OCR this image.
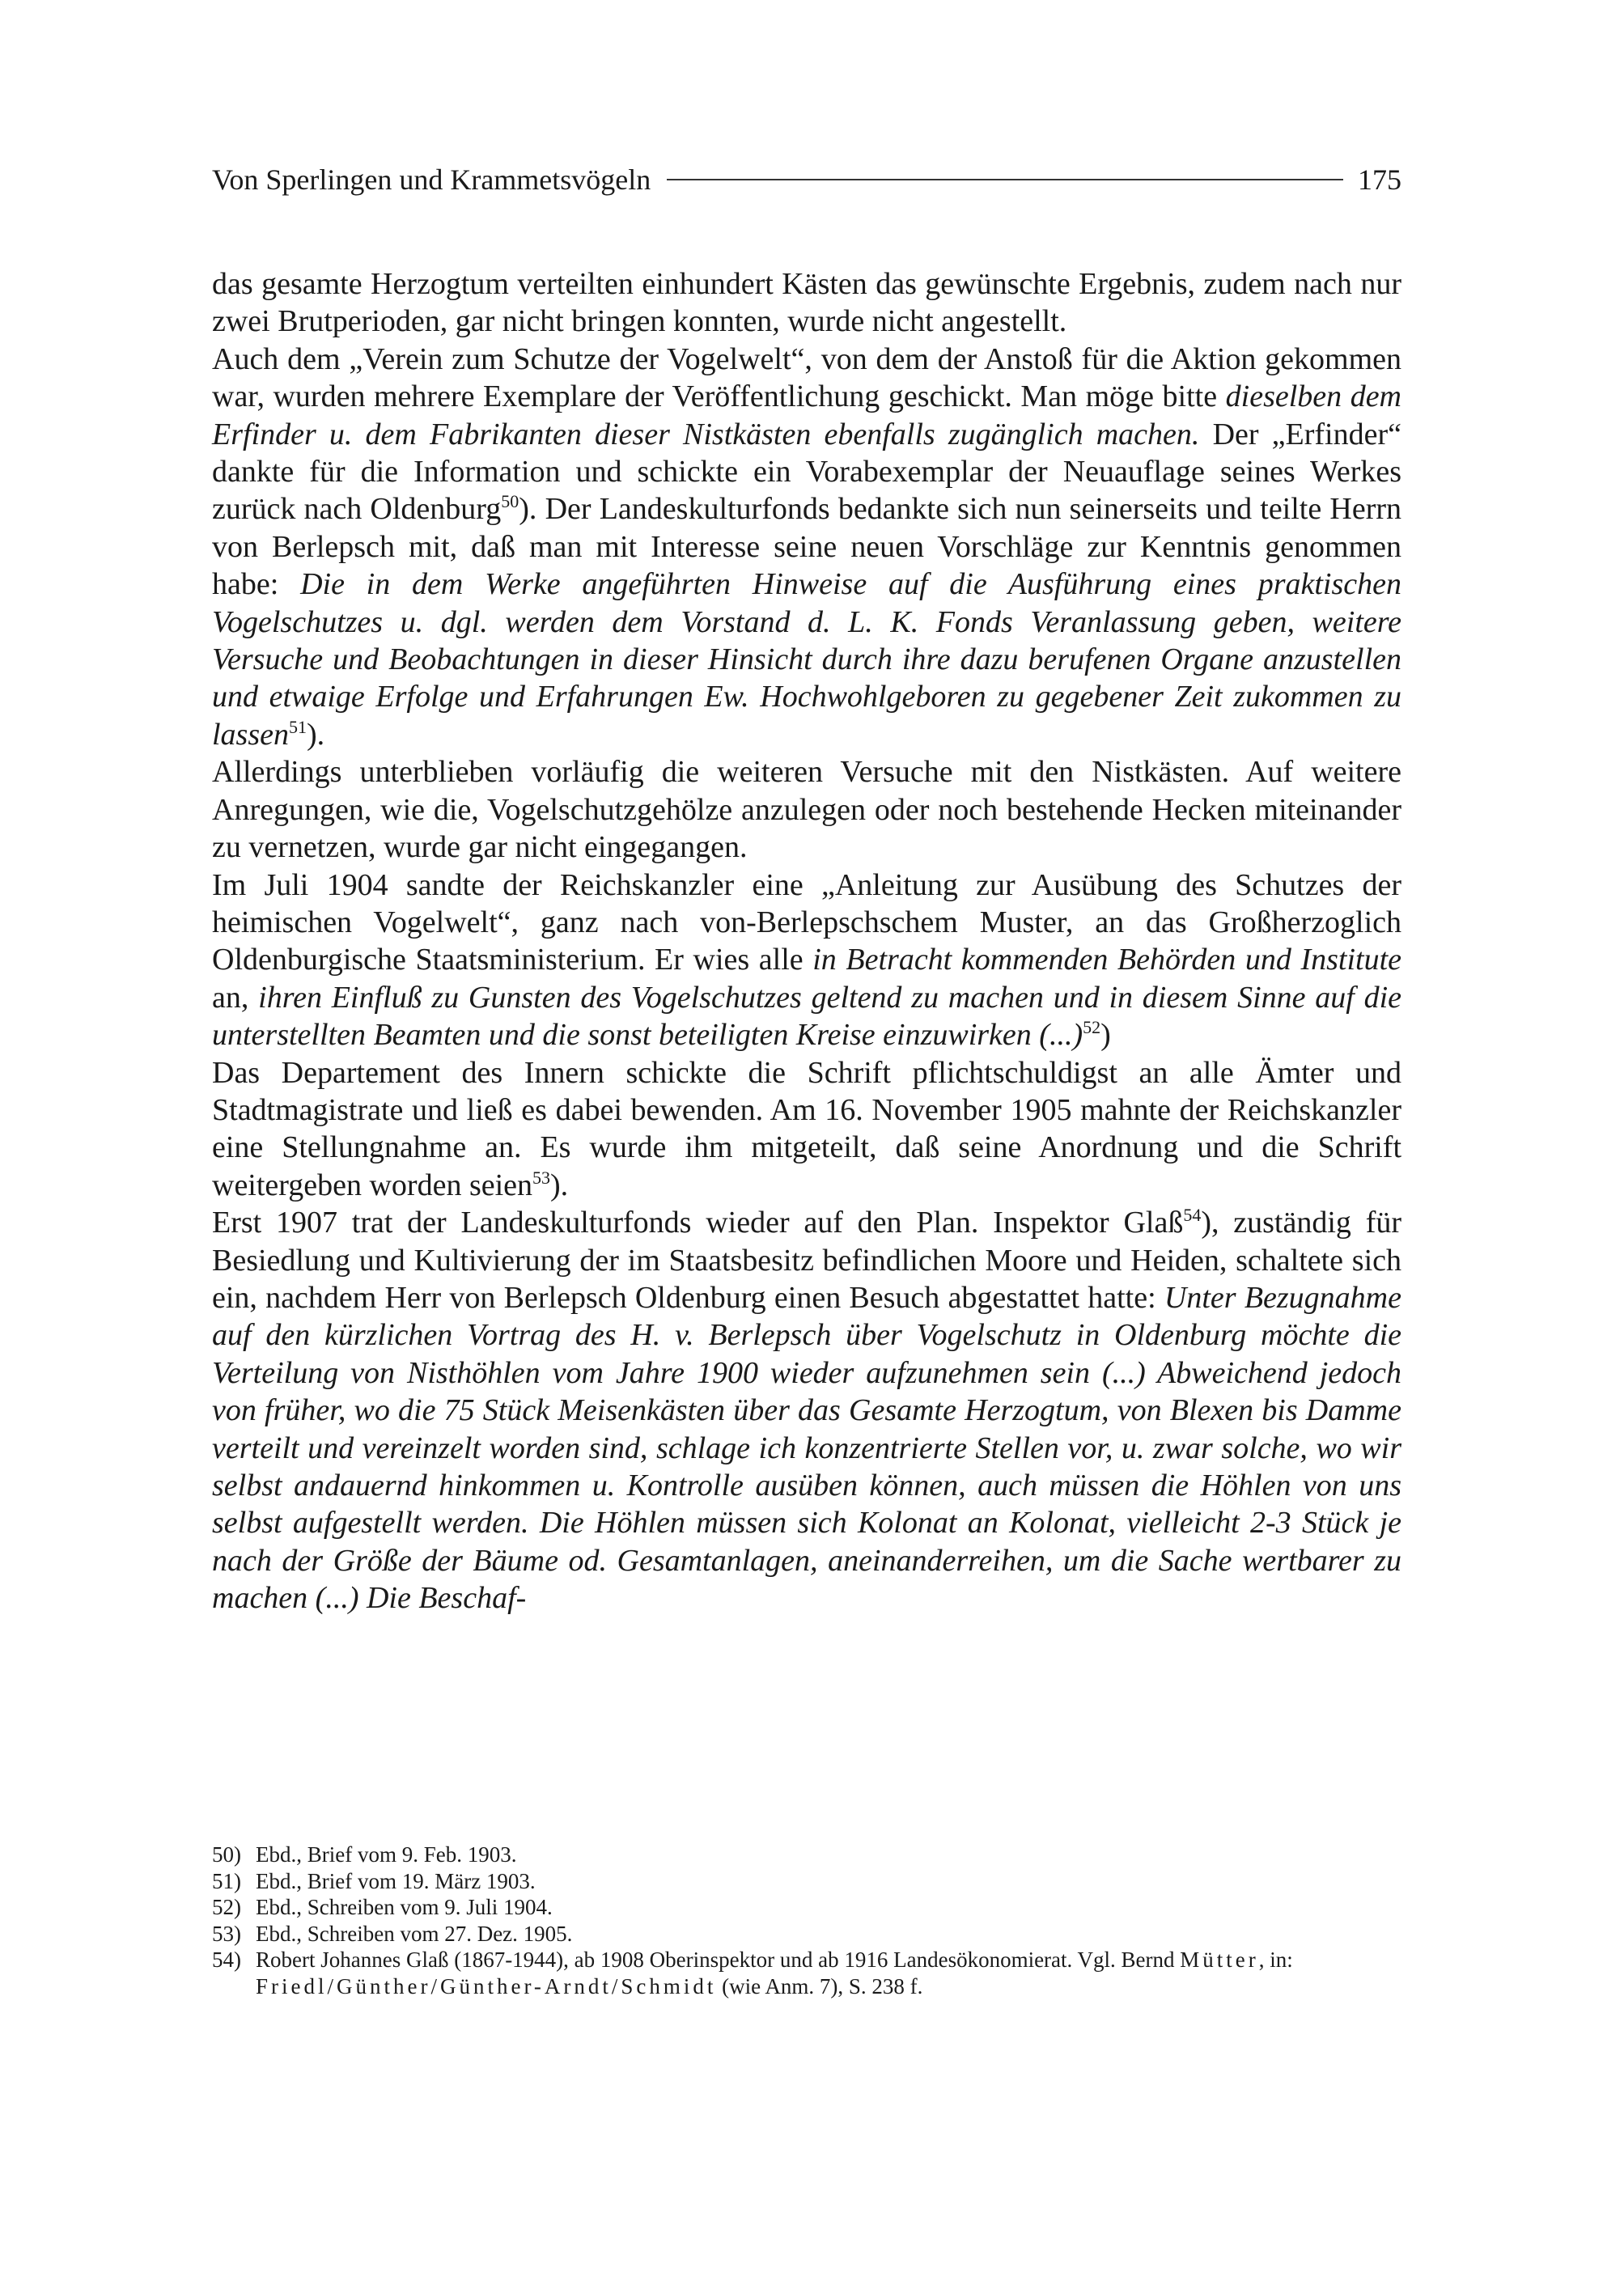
Von Sperlingen und Krammetsvögeln	175

das gesamte Herzogtum verteilten einhundert Kästen das gewünschte Ergebnis, zudem nach nur zwei Brutperioden, gar nicht bringen konnten, wurde nicht angestellt.

Auch dem „Verein zum Schutze der Vogelwelt“, von dem der Anstoß für die Aktion gekommen war, wurden mehrere Exemplare der Veröffentlichung geschickt. Man möge bitte dieselben dem Erfinder u. dem Fabrikanten dieser Nistkästen ebenfalls zugänglich machen. Der „Erfinder“ dankte für die Information und schickte ein Vorabexemplar der Neuauflage seines Werkes zurück nach Oldenburg$^{50}$). Der Landeskulturfonds bedankte sich nun seinerseits und teilte Herrn von Berlepsch mit, daß man mit Interesse seine neuen Vorschläge zur Kenntnis genommen habe: Die in dem Werke angeführten Hinweise auf die Ausführung eines praktischen Vogelschutzes u. dgl. werden dem Vorstand d. L. K. Fonds Veranlassung geben, weitere Versuche und Beobachtungen in dieser Hinsicht durch ihre dazu berufenen Organe anzustellen und etwaige Erfolge und Erfahrungen Ew. Hochwohlgeboren zu gegebener Zeit zukommen zu lassen$^{51}$).

Allerdings unterblieben vorläufig die weiteren Versuche mit den Nistkästen. Auf weitere Anregungen, wie die, Vogelschutzgehölze anzulegen oder noch bestehende Hecken miteinander zu vernetzen, wurde gar nicht eingegangen.

Im Juli 1904 sandte der Reichskanzler eine „Anleitung zur Ausübung des Schutzes der heimischen Vogelwelt“, ganz nach von-Berlepschschem Muster, an das Großherzoglich Oldenburgische Staatsministerium. Er wies alle in Betracht kommenden Behörden und Institute an, ihren Einfluß zu Gunsten des Vogelschutzes geltend zu machen und in diesem Sinne auf die unterstellten Beamten und die sonst beteiligten Kreise einzuwirken (...)$^{52}$)

Das Departement des Innern schickte die Schrift pflichtschuldigst an alle Ämter und Stadtmagistrate und ließ es dabei bewenden. Am 16. November 1905 mahnte der Reichskanzler eine Stellungnahme an. Es wurde ihm mitgeteilt, daß seine Anordnung und die Schrift weitergeben worden seien$^{53}$).

Erst 1907 trat der Landeskulturfonds wieder auf den Plan. Inspektor Glaß$^{54}$), zuständig für Besiedlung und Kultivierung der im Staatsbesitz befindlichen Moore und Heiden, schaltete sich ein, nachdem Herr von Berlepsch Oldenburg einen Besuch abgestattet hatte: Unter Bezugnahme auf den kürzlichen Vortrag des H. v. Berlepsch über Vogelschutz in Oldenburg möchte die Verteilung von Nisthöhlen vom Jahre 1900 wieder aufzunehmen sein (...) Abweichend jedoch von früher, wo die 75 Stück Meisenkästen über das Gesamte Herzogtum, von Blexen bis Damme verteilt und vereinzelt worden sind, schlage ich konzentrierte Stellen vor, u. zwar solche, wo wir selbst andauernd hinkommen u. Kontrolle ausüben können, auch müssen die Höhlen von uns selbst aufgestellt werden. Die Höhlen müssen sich Kolonat an Kolonat, vielleicht 2-3 Stück je nach der Größe der Bäume od. Gesamtanlagen, aneinanderreihen, um die Sache wertbarer zu machen (...) Die Beschaf-

50) Ebd., Brief vom 9. Feb. 1903.
51) Ebd., Brief vom 19. März 1903.
52) Ebd., Schreiben vom 9. Juli 1904.
53) Ebd., Schreiben vom 27. Dez. 1905.
54) Robert Johannes Glaß (1867-1944), ab 1908 Oberinspektor und ab 1916 Landesökonomierat. Vgl. Bernd Mütter, in: Friedl/Günther/Günther-Arndt/Schmidt (wie Anm. 7), S. 238 f.
